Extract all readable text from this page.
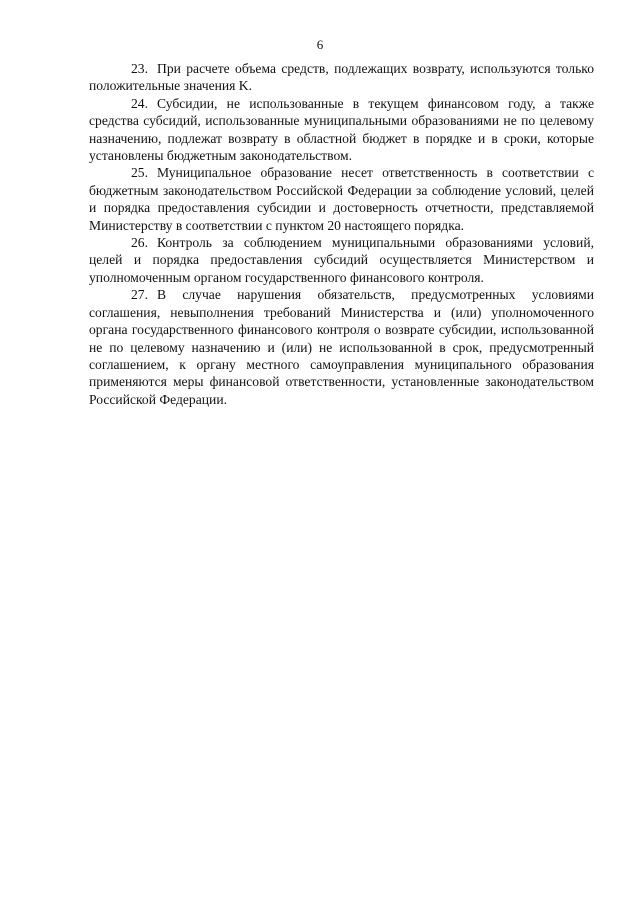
6

23. При расчете объема средств, подлежащих возврату, используются только положительные значения K.

24. Субсидии, не использованные в текущем финансовом году, а также средства субсидий, использованные муниципальными образованиями не по целевому назначению, подлежат возврату в областной бюджет в порядке и в сроки, которые установлены бюджетным законодательством.

25. Муниципальное образование несет ответственность в соответствии с бюджетным законодательством Российской Федерации за соблюдение условий, целей и порядка предоставления субсидии и достоверность отчетности, представляемой Министерству в соответствии с пунктом 20 настоящего порядка.

26. Контроль за соблюдением муниципальными образованиями условий, целей и порядка предоставления субсидий осуществляется Министерством и уполномоченным органом государственного финансового контроля.

27. В случае нарушения обязательств, предусмотренных условиями соглашения, невыполнения требований Министерства и (или) уполномоченного органа государственного финансового контроля о возврате субсидии, использованной не по целевому назначению и (или) не использованной в срок, предусмотренный соглашением, к органу местного самоуправления муниципального образования применяются меры финансовой ответственности, установленные законодательством Российской Федерации.
